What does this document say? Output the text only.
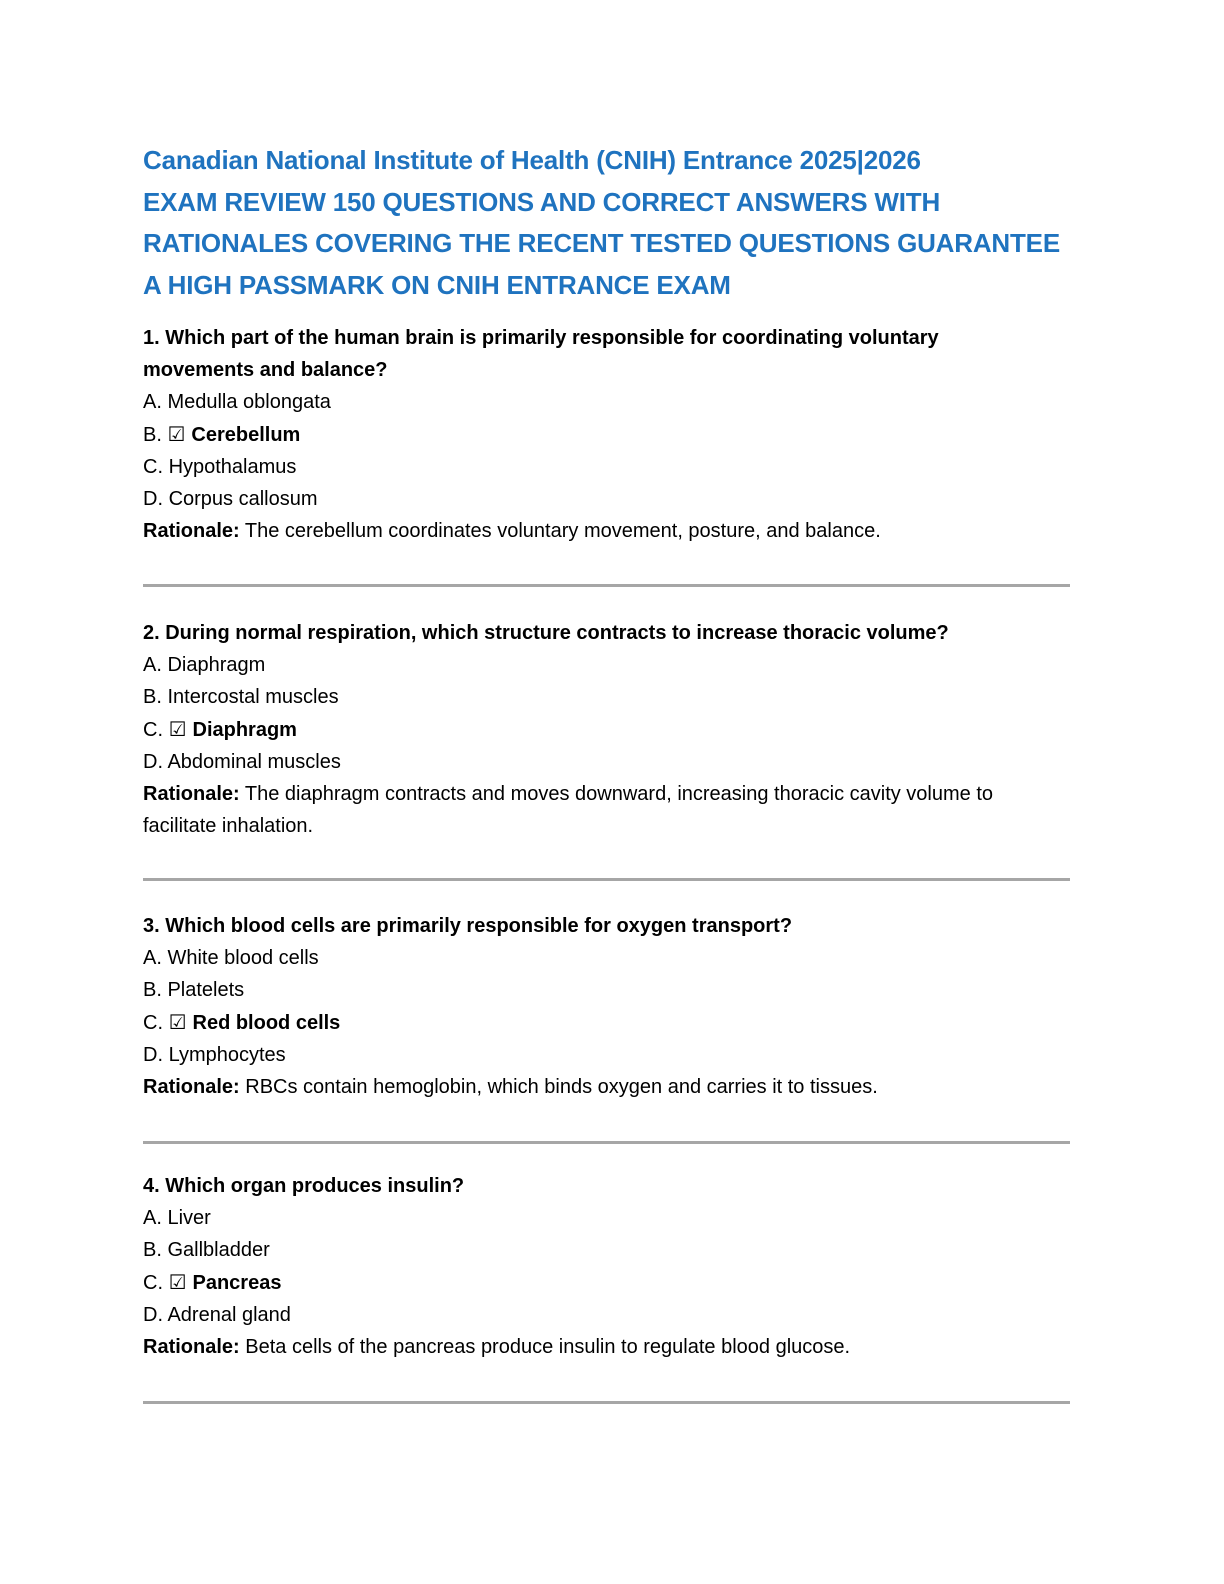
Canadian National Institute of Health (CNIH) Entrance 2025|2026
EXAM REVIEW 150 QUESTIONS AND CORRECT ANSWERS WITH
RATIONALES COVERING THE RECENT TESTED QUESTIONS GUARANTEE
A HIGH PASSMARK ON CNIH ENTRANCE EXAM

1. Which part of the human brain is primarily responsible for coordinating voluntary
movements and balance?

A. Medulla oblongata

B. ☑ Cerebellum

C. Hypothalamus

D. Corpus callosum

Rationale: The cerebellum coordinates voluntary movement, posture, and balance.

2. During normal respiration, which structure contracts to increase thoracic volume?

A. Diaphragm

B. Intercostal muscles

C. ☑ Diaphragm

D. Abdominal muscles

Rationale: The diaphragm contracts and moves downward, increasing thoracic cavity volume to
facilitate inhalation.

3. Which blood cells are primarily responsible for oxygen transport?

A. White blood cells

B. Platelets

C. ☑ Red blood cells

D. Lymphocytes

Rationale: RBCs contain hemoglobin, which binds oxygen and carries it to tissues.

4. Which organ produces insulin?

A. Liver

B. Gallbladder

C. ☑ Pancreas

D. Adrenal gland

Rationale: Beta cells of the pancreas produce insulin to regulate blood glucose.
